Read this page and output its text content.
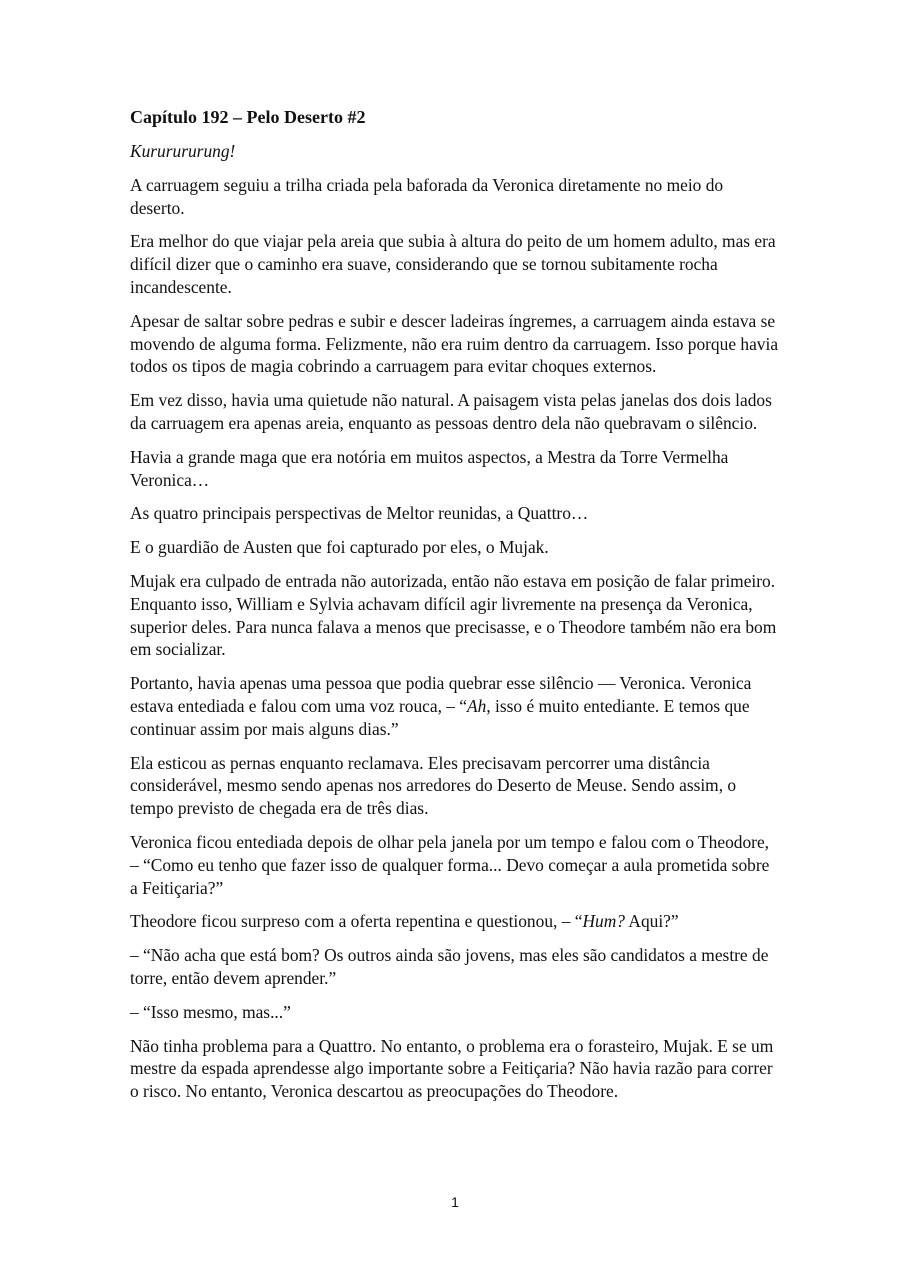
Capítulo 192 – Pelo Deserto #2

Kururururung!

A carruagem seguiu a trilha criada pela baforada da Veronica diretamente no meio do deserto.

Era melhor do que viajar pela areia que subia à altura do peito de um homem adulto, mas era difícil dizer que o caminho era suave, considerando que se tornou subitamente rocha incandescente.

Apesar de saltar sobre pedras e subir e descer ladeiras íngremes, a carruagem ainda estava se movendo de alguma forma. Felizmente, não era ruim dentro da carruagem. Isso porque havia todos os tipos de magia cobrindo a carruagem para evitar choques externos.

Em vez disso, havia uma quietude não natural. A paisagem vista pelas janelas dos dois lados da carruagem era apenas areia, enquanto as pessoas dentro dela não quebravam o silêncio.

Havia a grande maga que era notória em muitos aspectos, a Mestra da Torre Vermelha Veronica…

As quatro principais perspectivas de Meltor reunidas, a Quattro…

E o guardião de Austen que foi capturado por eles, o Mujak.

Mujak era culpado de entrada não autorizada, então não estava em posição de falar primeiro. Enquanto isso, William e Sylvia achavam difícil agir livremente na presença da Veronica, superior deles. Para nunca falava a menos que precisasse, e o Theodore também não era bom em socializar.

Portanto, havia apenas uma pessoa que podia quebrar esse silêncio — Veronica. Veronica estava entediada e falou com uma voz rouca, – “Ah, isso é muito entediante. E temos que continuar assim por mais alguns dias.”

Ela esticou as pernas enquanto reclamava. Eles precisavam percorrer uma distância considerável, mesmo sendo apenas nos arredores do Deserto de Meuse. Sendo assim, o tempo previsto de chegada era de três dias.

Veronica ficou entediada depois de olhar pela janela por um tempo e falou com o Theodore, – “Como eu tenho que fazer isso de qualquer forma... Devo começar a aula prometida sobre a Feitiçaria?”

Theodore ficou surpreso com a oferta repentina e questionou, – “Hum? Aqui?”

– “Não acha que está bom? Os outros ainda são jovens, mas eles são candidatos a mestre de torre, então devem aprender.”

– “Isso mesmo, mas...”

Não tinha problema para a Quattro. No entanto, o problema era o forasteiro, Mujak. E se um mestre da espada aprendesse algo importante sobre a Feitiçaria? Não havia razão para correr o risco. No entanto, Veronica descartou as preocupações do Theodore.

1
